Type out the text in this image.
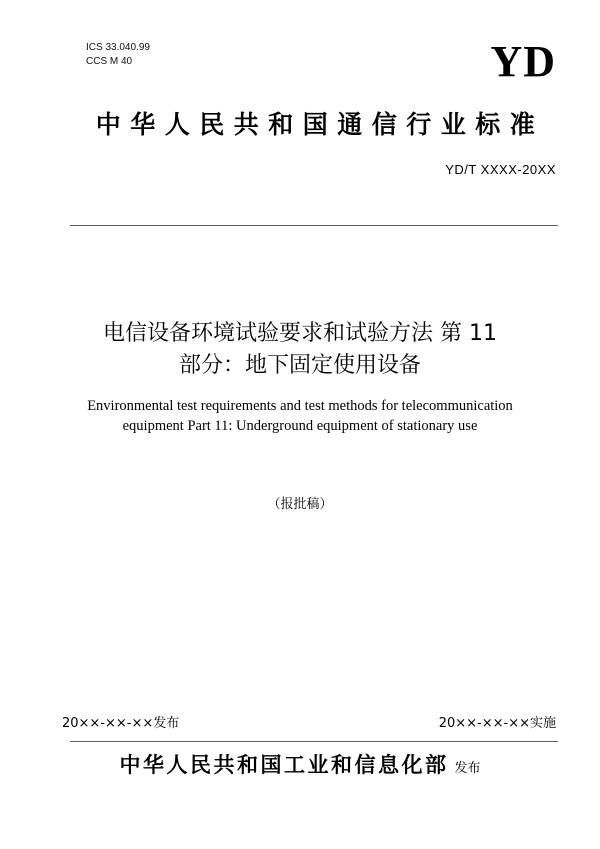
ICS 33.040.99
CCS M 40	YD
中华人民共和国通信行业标准
YD/T XXXX-20XX
电信设备环境试验要求和试验方法 第 11
部分：地下固定使用设备
Environmental test requirements and test methods for telecommunication
equipment Part 11: Underground equipment of stationary use
（报批稿）
20××-××-××发布	20××-××-××实施
中华人民共和国工业和信息化部 发布
